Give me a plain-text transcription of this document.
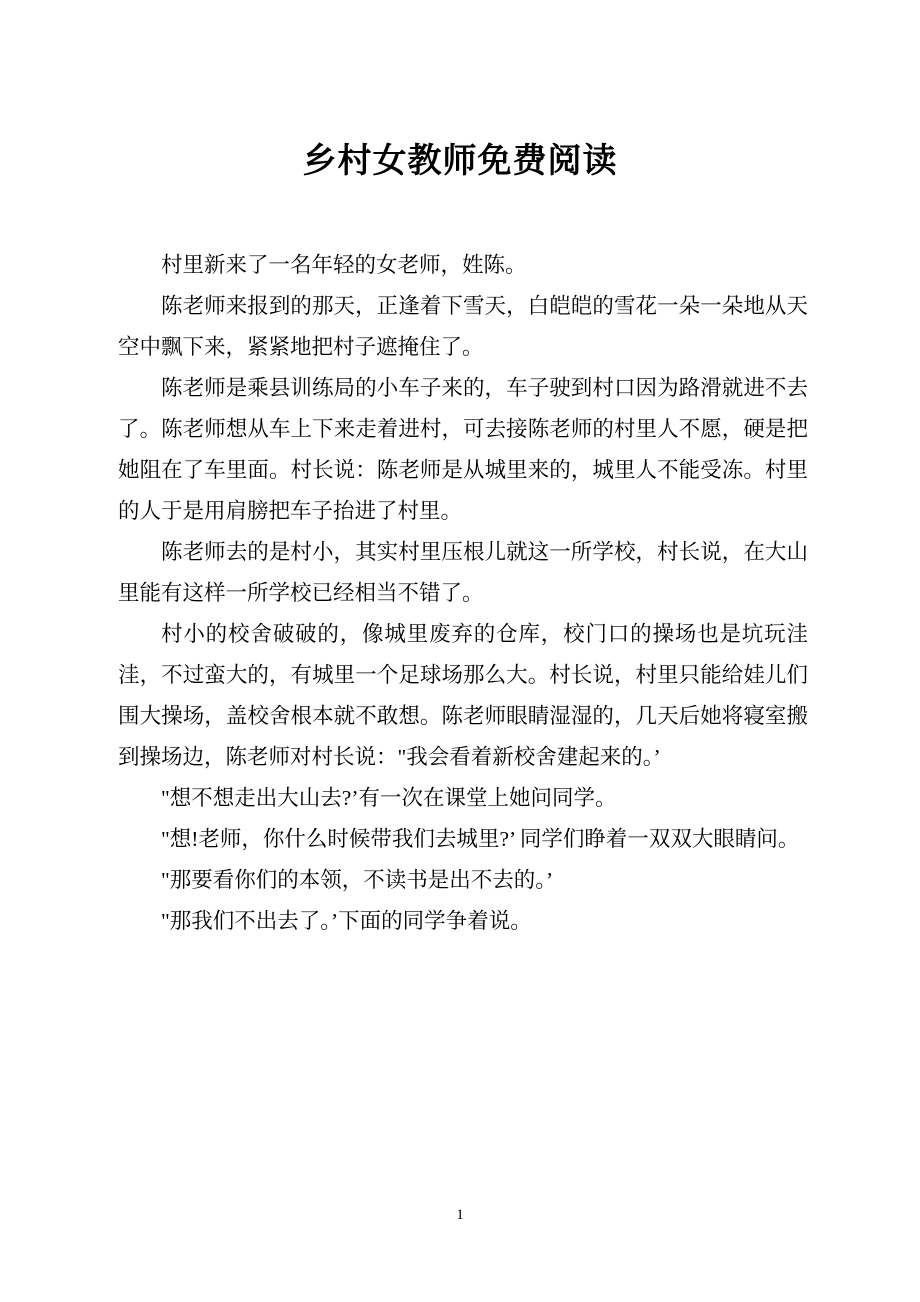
乡村女教师免费阅读

村里新来了一名年轻的女老师，姓陈。

陈老师来报到的那天，正逢着下雪天，白皑皑的雪花一朵一朵地从天空中飘下来，紧紧地把村子遮掩住了。

陈老师是乘县训练局的小车子来的，车子驶到村口因为路滑就进不去了。陈老师想从车上下来走着进村，可去接陈老师的村里人不愿，硬是把她阻在了车里面。村长说：陈老师是从城里来的，城里人不能受冻。村里的人于是用肩膀把车子抬进了村里。

陈老师去的是村小，其实村里压根儿就这一所学校，村长说，在大山里能有这样一所学校已经相当不错了。

村小的校舍破破的，像城里废弃的仓库，校门口的操场也是坑玩洼洼，不过蛮大的，有城里一个足球场那么大。村长说，村里只能给娃儿们围大操场，盖校舍根本就不敢想。陈老师眼睛湿湿的，几天后她将寝室搬到操场边，陈老师对村长说："我会看着新校舍建起来的。’

"想不想走出大山去?’有一次在课堂上她问同学。

"想!老师，你什么时候带我们去城里?’ 同学们睁着一双双大眼睛问。

"那要看你们的本领，不读书是出不去的。’

"那我们不出去了。’下面的同学争着说。

1
